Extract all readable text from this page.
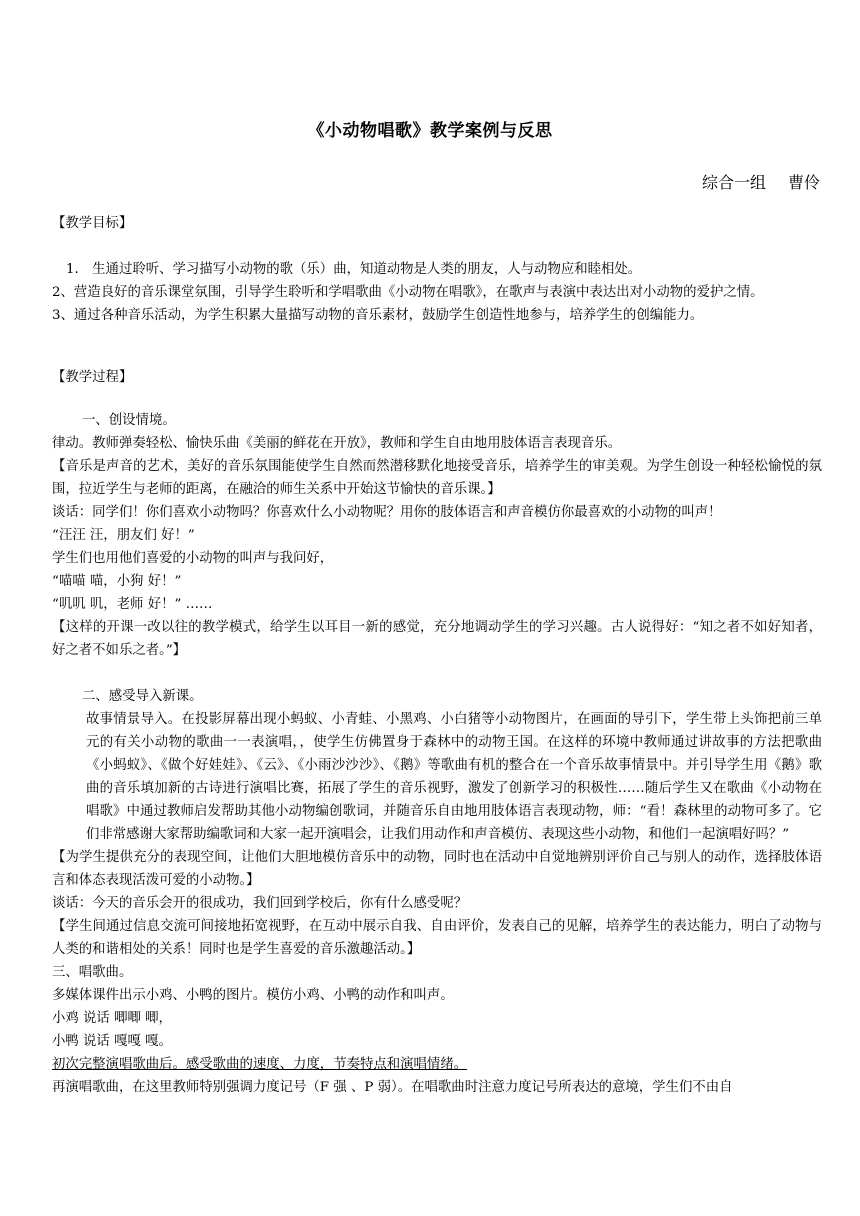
《小动物唱歌》教学案例与反思
综合一组 曹伶

【教学目标】

1.　生通过聆听、学习描写小动物的歌（乐）曲，知道动物是人类的朋友，人与动物应和睦相处。

2、营造良好的音乐课堂氛围，引导学生聆听和学唱歌曲《小动物在唱歌》，在歌声与表演中表达出对小动物的爱护之情。

3、通过各种音乐活动，为学生积累大量描写动物的音乐素材，鼓励学生创造性地参与，培养学生的创编能力。

【教学过程】

一、创设情境。

律动。教师弹奏轻松、愉快乐曲《美丽的鲜花在开放》，教师和学生自由地用肢体语言表现音乐。

【音乐是声音的艺术，美好的音乐氛围能使学生自然而然潜移默化地接受音乐，培养学生的审美观。为学生创设一种轻松愉悦的氛围，拉近学生与老师的距离，在融洽的师生关系中开始这节愉快的音乐课。】

谈话：同学们！你们喜欢小动物吗？你喜欢什么小动物呢？用你的肢体语言和声音模仿你最喜欢的小动物的叫声！

“汪汪 汪，朋友们 好！”

学生们也用他们喜爱的小动物的叫声与我问好，

“喵喵 喵，小狗 好！”

“叽叽 叽，老师 好！” ……

【这样的开课一改以往的教学模式，给学生以耳目一新的感觉，充分地调动学生的学习兴趣。古人说得好：“知之者不如好知者，好之者不如乐之者。”】

二、感受导入新课。

故事情景导入。在投影屏幕出现小蚂蚁、小青蛙、小黑鸡、小白猪等小动物图片，在画面的导引下，学生带上头饰把前三单元的有关小动物的歌曲一一表演唱，，使学生仿佛置身于森林中的动物王国。在这样的环境中教师通过讲故事的方法把歌曲《小蚂蚁》、《做个好娃娃》、《云》、《小雨沙沙沙》、《鹅》等歌曲有机的整合在一个音乐故事情景中。并引导学生用《鹅》歌曲的音乐填加新的古诗进行演唱比赛，拓展了学生的音乐视野，激发了创新学习的积极性……随后学生又在歌曲《小动物在唱歌》中通过教师启发帮助其他小动物编创歌词，并随音乐自由地用肢体语言表现动物，师：“看！森林里的动物可多了。它们非常感谢大家帮助编歌词和大家一起开演唱会，让我们用动作和声音模仿、表现这些小动物，和他们一起演唱好吗？”

【为学生提供充分的表现空间，让他们大胆地模仿音乐中的动物，同时也在活动中自觉地辨别评价自己与别人的动作，选择肢体语言和体态表现活泼可爱的小动物。】

谈话：今天的音乐会开的很成功，我们回到学校后，你有什么感受呢？

【学生间通过信息交流可间接地拓宽视野，在互动中展示自我、自由评价，发表自己的见解，培养学生的表达能力，明白了动物与人类的和谐相处的关系！同时也是学生喜爱的音乐激趣活动。】

三、唱歌曲。

多媒体课件出示小鸡、小鸭的图片。模仿小鸡、小鸭的动作和叫声。

小鸡 说话 唧唧 唧，

小鸭 说话 嘎嘎 嘎。

初次完整演唱歌曲后。感受歌曲的速度、力度，节奏特点和演唱情绪。

再演唱歌曲，在这里教师特别强调力度记号（F 强 、P 弱）。在唱歌曲时注意力度记号所表达的意境，学生们不由自
